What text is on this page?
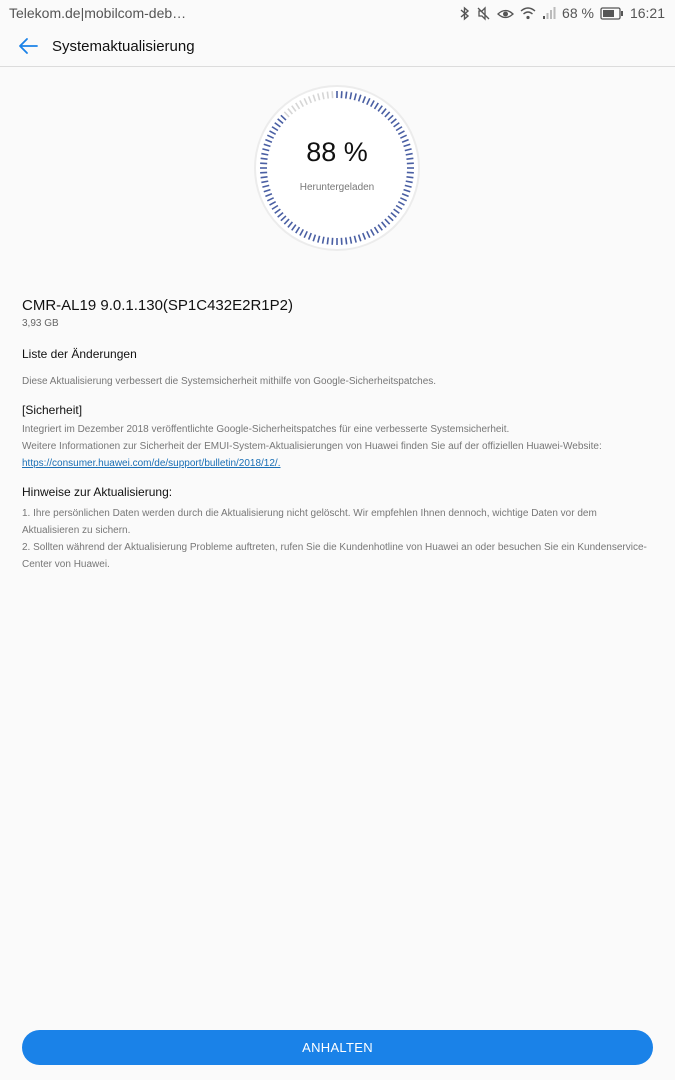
Telekom.de|mobilcom-deb…	68 %	16:21
Systemaktualisierung
88 %
Heruntergeladen
CMR-AL19 9.0.1.130(SP1C432E2R1P2)
3,93 GB
Liste der Änderungen
Diese Aktualisierung verbessert die Systemsicherheit mithilfe von Google-Sicherheitspatches.
[Sicherheit]
Integriert im Dezember 2018 veröffentlichte Google-Sicherheitspatches für eine verbesserte Systemsicherheit.
Weitere Informationen zur Sicherheit der EMUI-System-Aktualisierungen von Huawei finden Sie auf der offiziellen Huawei-Website:
https://consumer.huawei.com/de/support/bulletin/2018/12/.
Hinweise zur Aktualisierung:
1. Ihre persönlichen Daten werden durch die Aktualisierung nicht gelöscht. Wir empfehlen Ihnen dennoch, wichtige Daten vor dem Aktualisieren zu sichern.
2. Sollten während der Aktualisierung Probleme auftreten, rufen Sie die Kundenhotline von Huawei an oder besuchen Sie ein Kundenservice-Center von Huawei.
ANHALTEN
